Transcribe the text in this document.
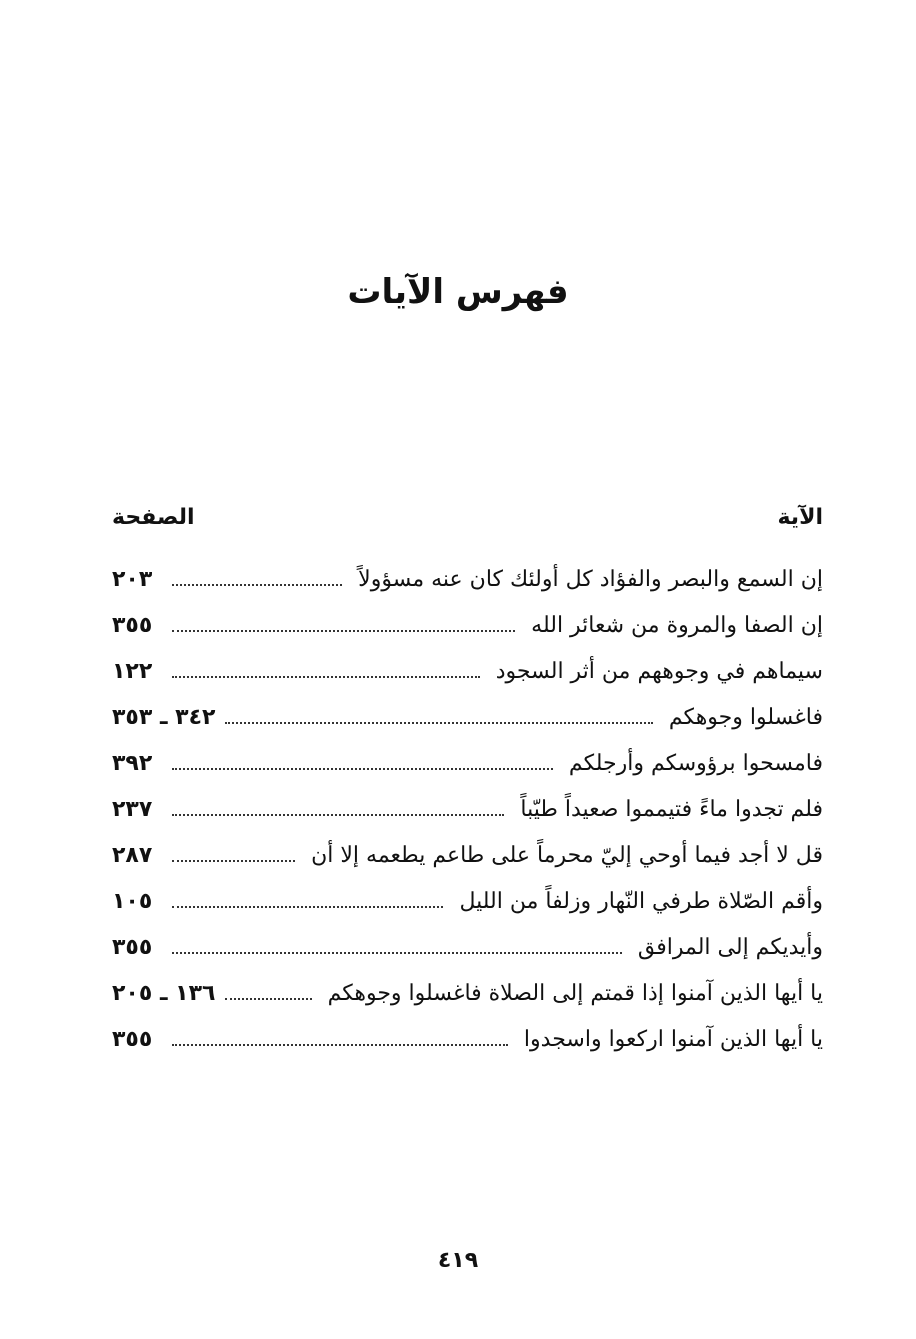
فهرس الآيات
الآية
الصفحة
إن السمع والبصر والفؤاد كل أولئك كان عنه مسؤولاً
٢٠٣
إن الصفا والمروة من شعائر الله
٣٥٥
سيماهم في وجوههم من أثر السجود
١٢٢
فاغسلوا وجوهكم
٣٤٢ ـ ٣٥٣
فامسحوا برؤوسكم وأرجلكم
٣٩٢
فلم تجدوا ماءً فتيمموا صعيداً طيّباً
٢٣٧
قل لا أجد فيما أوحي إليّ محرماً على طاعم يطعمه إلا أن
٢٨٧
وأقم الصّلاة طرفي النّهار وزلفاً من الليل
١٠٥
وأيديكم إلى المرافق
٣٥٥
يا أيها الذين آمنوا إذا قمتم إلى الصلاة فاغسلوا وجوهكم
١٣٦ ـ ٢٠٥
يا أيها الذين آمنوا اركعوا واسجدوا
٣٥٥
٤١٩
